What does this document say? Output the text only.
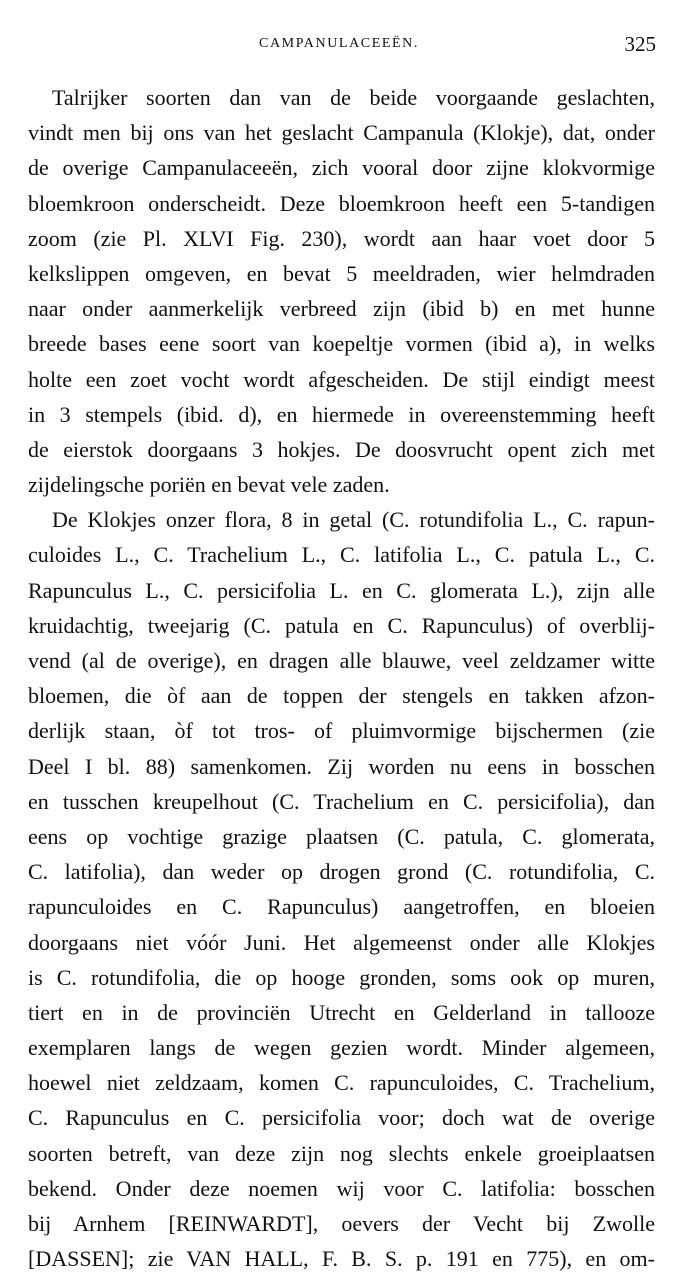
CAMPANULACEEËN.	325
Talrijker soorten dan van de beide voorgaande geslachten,
vindt men bij ons van het geslacht Campanula (Klokje), dat, onder
de overige Campanulaceeën, zich vooral door zijne klokvormige
bloemkroon onderscheidt. Deze bloemkroon heeft een 5-tandigen
zoom (zie Pl. XLVI Fig. 230), wordt aan haar voet door 5
kelkslippen omgeven, en bevat 5 meeldraden, wier helmdraden
naar onder aanmerkelijk verbreed zijn (ibid b) en met hunne
breede bases eene soort van koepeltje vormen (ibid a), in welks
holte een zoet vocht wordt afgescheiden. De stijl eindigt meest
in 3 stempels (ibid. d), en hiermede in overeenstemming heeft
de eierstok doorgaans 3 hokjes. De doosvrucht opent zich met
zijdelingsche poriën en bevat vele zaden.
De Klokjes onzer flora, 8 in getal (C. rotundifolia L., C. rapun-
culoides L., C. Trachelium L., C. latifolia L., C. patula L., C.
Rapunculus L., C. persicifolia L. en C. glomerata L.), zijn alle
kruidachtig, tweejarig (C. patula en C. Rapunculus) of overblij-
vend (al de overige), en dragen alle blauwe, veel zeldzamer witte
bloemen, die òf aan de toppen der stengels en takken afzon-
derlijk staan, òf tot tros- of pluimvormige bijschermen (zie
Deel I bl. 88) samenkomen. Zij worden nu eens in bosschen
en tusschen kreupelhout (C. Trachelium en C. persicifolia), dan
eens op vochtige grazige plaatsen (C. patula, C. glomerata,
C. latifolia), dan weder op drogen grond (C. rotundifolia, C.
rapunculoides en C. Rapunculus) aangetroffen, en bloeien
doorgaans niet vóór Juni. Het algemeenst onder alle Klokjes
is C. rotundifolia, die op hooge gronden, soms ook op muren,
tiert en in de provinciën Utrecht en Gelderland in tallooze
exemplaren langs de wegen gezien wordt. Minder algemeen,
hoewel niet zeldzaam, komen C. rapunculoides, C. Trachelium,
C. Rapunculus en C. persicifolia voor; doch wat de overige
soorten betreft, van deze zijn nog slechts enkele groeiplaatsen
bekend. Onder deze noemen wij voor C. latifolia: bosschen
bij Arnhem [REINWARDT], oevers der Vecht bij Zwolle
[DASSEN]; zie VAN HALL, F. B. S. p. 191 en 775), en om-
